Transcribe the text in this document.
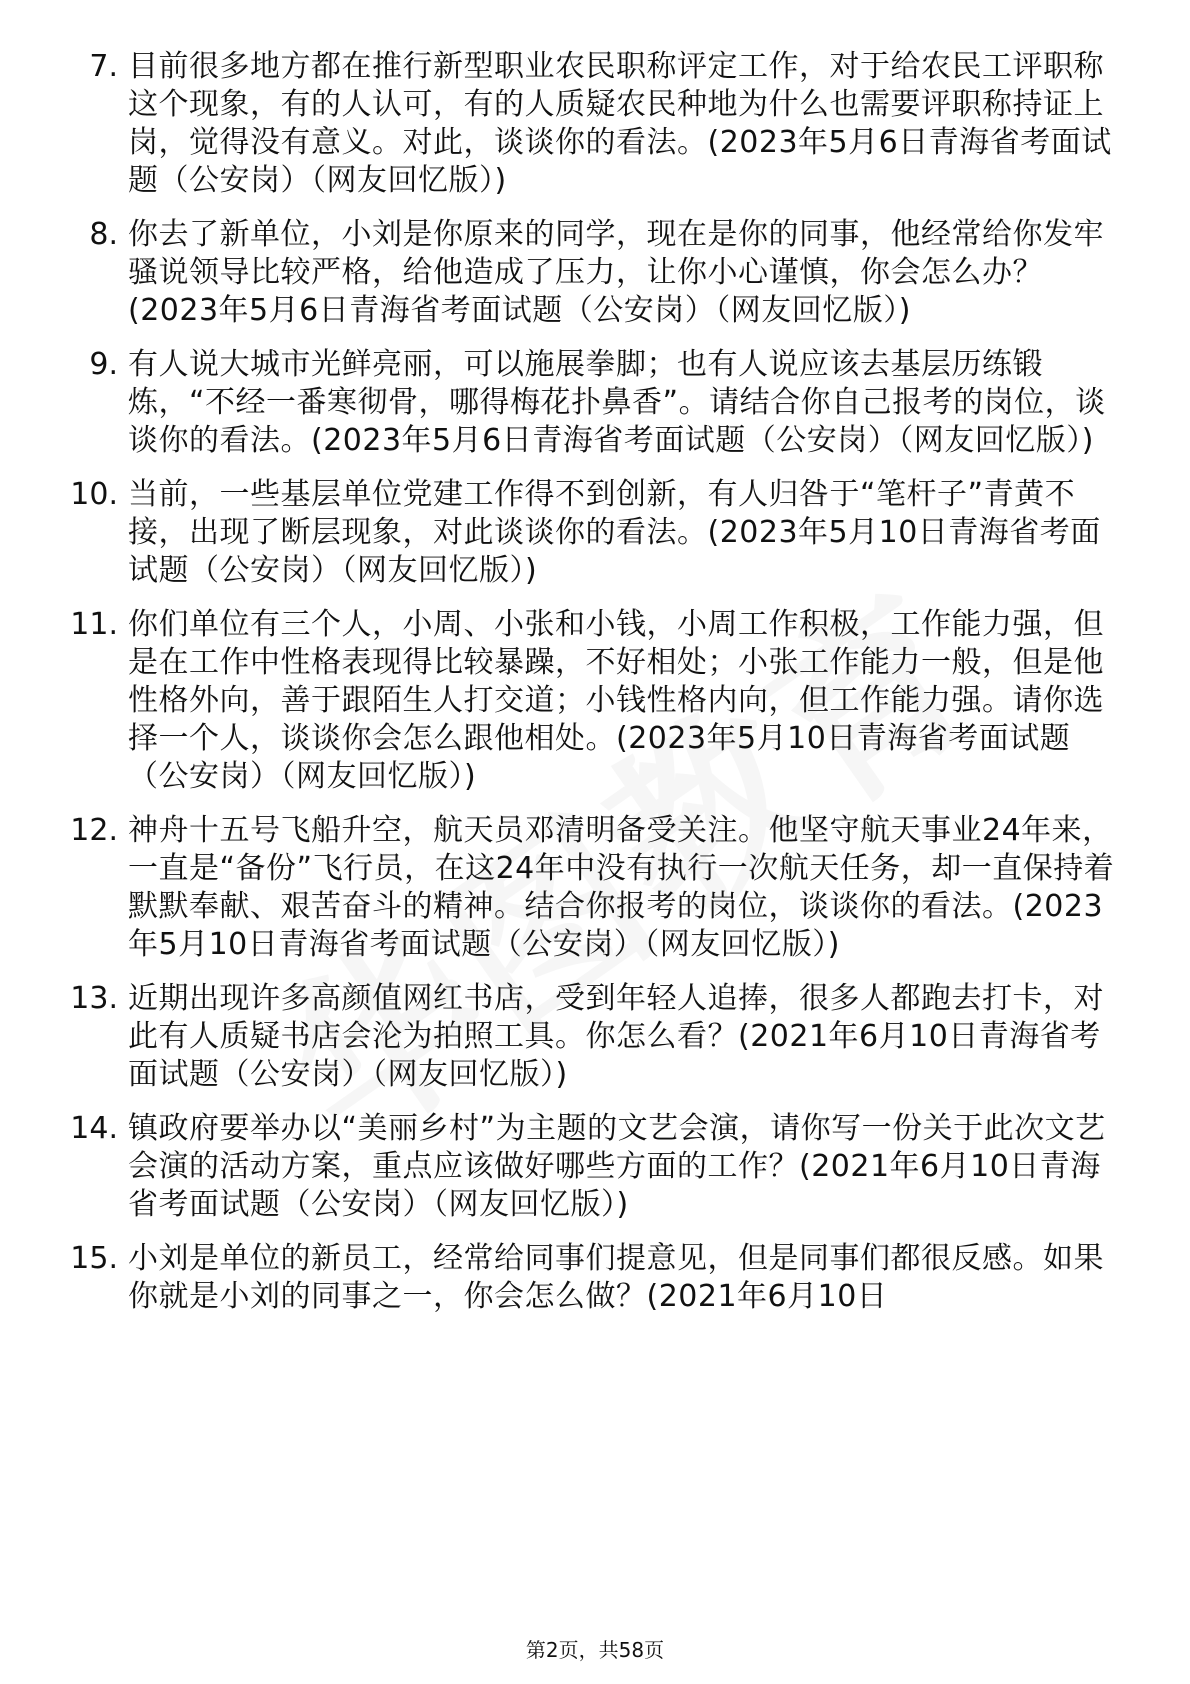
7. 目前很多地方都在推行新型职业农民职称评定工作，对于给农民工评职称这个现象，有的人认可，有的人质疑农民种地为什么也需要评职称持证上岗，觉得没有意义。对此，谈谈你的看法。(2023年5月6日青海省考面试题（公安岗）（网友回忆版）)
8. 你去了新单位，小刘是你原来的同学，现在是你的同事，他经常给你发牢骚说领导比较严格，给他造成了压力，让你小心谨慎，你会怎么办？(2023年5月6日青海省考面试题（公安岗）（网友回忆版）)
9. 有人说大城市光鲜亮丽，可以施展拳脚；也有人说应该去基层历练锻炼，“不经一番寒彻骨，哪得梅花扑鼻香”。请结合你自己报考的岗位，谈谈你的看法。(2023年5月6日青海省考面试题（公安岗）（网友回忆版）)
10. 当前，一些基层单位党建工作得不到创新，有人归咎于“笔杆子”青黄不接，出现了断层现象，对此谈谈你的看法。(2023年5月10日青海省考面试题（公安岗）（网友回忆版）)
11. 你们单位有三个人，小周、小张和小钱，小周工作积极，工作能力强，但是在工作中性格表现得比较暴躁，不好相处；小张工作能力一般，但是他性格外向，善于跟陌生人打交道；小钱性格内向，但工作能力强。请你选择一个人，谈谈你会怎么跟他相处。(2023年5月10日青海省考面试题（公安岗）（网友回忆版）)
12. 神舟十五号飞船升空，航天员邓清明备受关注。他坚守航天事业24年来，一直是“备份”飞行员，在这24年中没有执行一次航天任务，却一直保持着默默奉献、艰苦奋斗的精神。结合你报考的岗位，谈谈你的看法。(2023年5月10日青海省考面试题（公安岗）（网友回忆版）)
13. 近期出现许多高颜值网红书店，受到年轻人追捧，很多人都跑去打卡，对此有人质疑书店会沦为拍照工具。你怎么看？(2021年6月10日青海省考面试题（公安岗）（网友回忆版）)
14. 镇政府要举办以“美丽乡村”为主题的文艺会演，请你写一份关于此次文艺会演的活动方案，重点应该做好哪些方面的工作？(2021年6月10日青海省考面试题（公安岗）（网友回忆版）)
15. 小刘是单位的新员工，经常给同事们提意见，但是同事们都很反感。如果你就是小刘的同事之一，你会怎么做？(2021年6月10日
第2页，共58页
